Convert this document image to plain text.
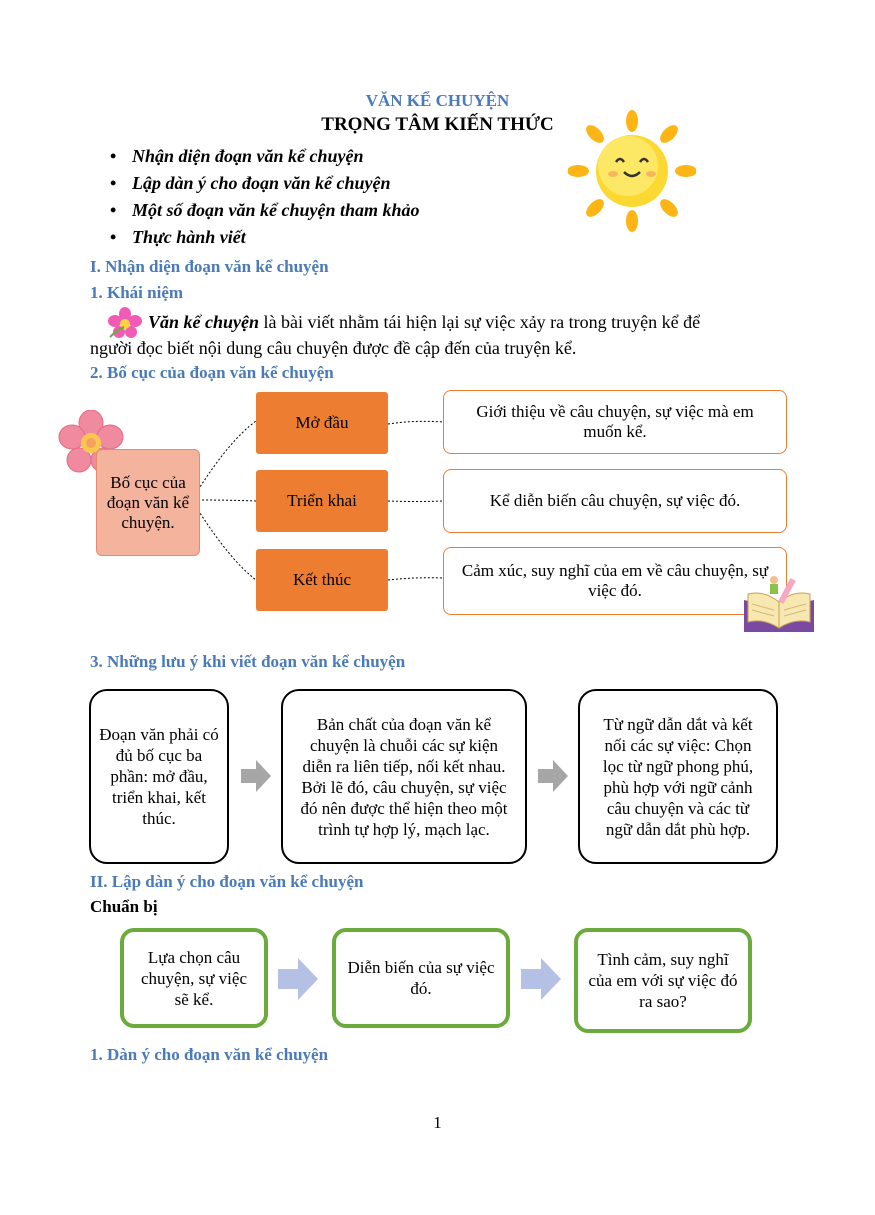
VĂN KỂ CHUYỆN
TRỌNG TÂM KIẾN THỨC
• Nhận diện đoạn văn kể chuyện
• Lập dàn ý cho đoạn văn kể chuyện
• Một số đoạn văn kể chuyện tham khảo
• Thực hành viết
I. Nhận diện đoạn văn kể chuyện
1. Khái niệm
Văn kể chuyện là bài viết nhằm tái hiện lại sự việc xảy ra trong truyện kể để
người đọc biết nội dung câu chuyện được đề cập đến của truyện kể.
2. Bố cục của đoạn văn kể chuyện
Bố cục của đoạn văn kể chuyện.
Mở đầu
Triển khai
Kết thúc
Giới thiệu về câu chuyện, sự việc mà em muốn kể.
Kể diễn biến câu chuyện, sự việc đó.
Cảm xúc, suy nghĩ của em về câu chuyện, sự việc đó.
3. Những lưu ý khi viết đoạn văn kể chuyện
Đoạn văn phải có đủ bố cục ba phần: mở đầu, triển khai, kết thúc.
Bản chất của đoạn văn kể chuyện là chuỗi các sự kiện diễn ra liên tiếp, nối kết nhau. Bởi lẽ đó, câu chuyện, sự việc đó nên được thể hiện theo một trình tự hợp lý, mạch lạc.
Từ ngữ dẫn dắt và kết nối các sự việc: Chọn lọc từ ngữ phong phú, phù hợp với ngữ cảnh câu chuyện và các từ ngữ dẫn dắt phù hợp.
II. Lập dàn ý cho đoạn văn kể chuyện
Chuẩn bị
Lựa chọn câu chuyện, sự việc sẽ kể.
Diễn biến của sự việc đó.
Tình cảm, suy nghĩ của em với sự việc đó ra sao?
1. Dàn ý cho đoạn văn kể chuyện
1
